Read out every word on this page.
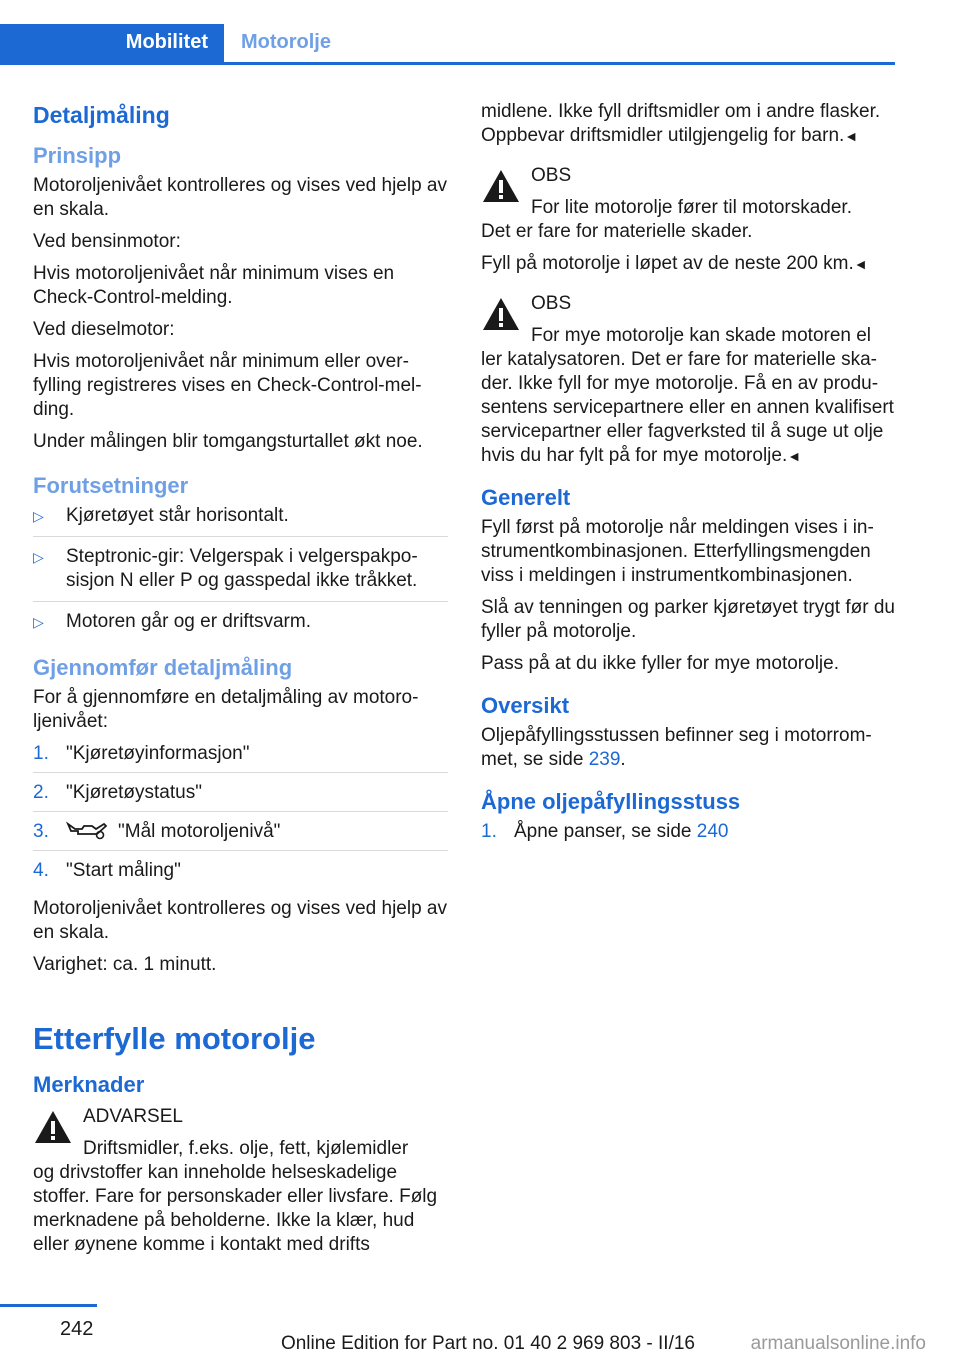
Mobilitet Motorolje
Detaljmåling
Prinsipp

Motoroljenivået kontrolleres og vises ved hjelp av en skala.

Ved bensinmotor:

Hvis motoroljenivået når minimum vises en Check-Control-melding.

Ved dieselmotor:

Hvis motoroljenivået når minimum eller overfylling registreres vises en Check-Control-melding.

Under målingen blir tomgangsturtallet økt noe.

Forutsetninger
▷ Kjøretøyet står horisontalt.
▷ Steptronic-gir: Velgerspak i velgerspakposisjon N eller P og gasspedal ikke tråkket.
▷ Motoren går og er driftsvarm.
Gjennomfør detaljmåling

For å gjennomføre en detaljmåling av motoroljenivået:

1. "Kjøretøyinformasjon"
2. "Kjøretøystatus"
3.	"Mål motoroljenivå"
4. "Start måling"

Motoroljenivået kontrolleres og vises ved hjelp av en skala.

Varighet: ca. 1 minutt.

Etterfylle motorolje
Merknader
ADVARSEL
Driftsmidler, f.eks. olje, fett, kjølemidler
og drivstoffer kan inneholde helseskadelige stoffer. Fare for personskader eller livsfare. Følg merknadene på beholderne. Ikke la klær, hud eller øynene komme i kontakt med drifts

midlene. Ikke fyll driftsmidler om i andre flasker. Oppbevar driftsmidler utilgjengelig for barn.◄

OBS
For lite motorolje fører til motorskader.
Det er fare for materielle skader.
Fyll på motorolje i løpet av de neste 200 km.◄
OBS
For mye motorolje kan skade motoren el
ler katalysatoren. Det er fare for materielle skader. Ikke fyll for mye motorolje. Få en av produsentens servicepartnere eller en annen kvalifisert servicepartner eller fagverksted til å suge ut olje hvis du har fylt på for mye motorolje.◄
Generelt

Fyll først på motorolje når meldingen vises i instrumentkombinasjonen. Etterfyllingsmengden viss i meldingen i instrumentkombinasjonen.

Slå av tenningen og parker kjøretøyet trygt før du fyller på motorolje.

Pass på at du ikke fyller for mye motorolje.

Oversikt

Oljepåfyllingsstussen befinner seg i motorrommet, se side 239.

Åpne oljepåfyllingsstuss
1. Åpne panser, se side 240
242
Online Edition for Part no. 01 40 2 969 803 - II/16	armanualsonline.info
